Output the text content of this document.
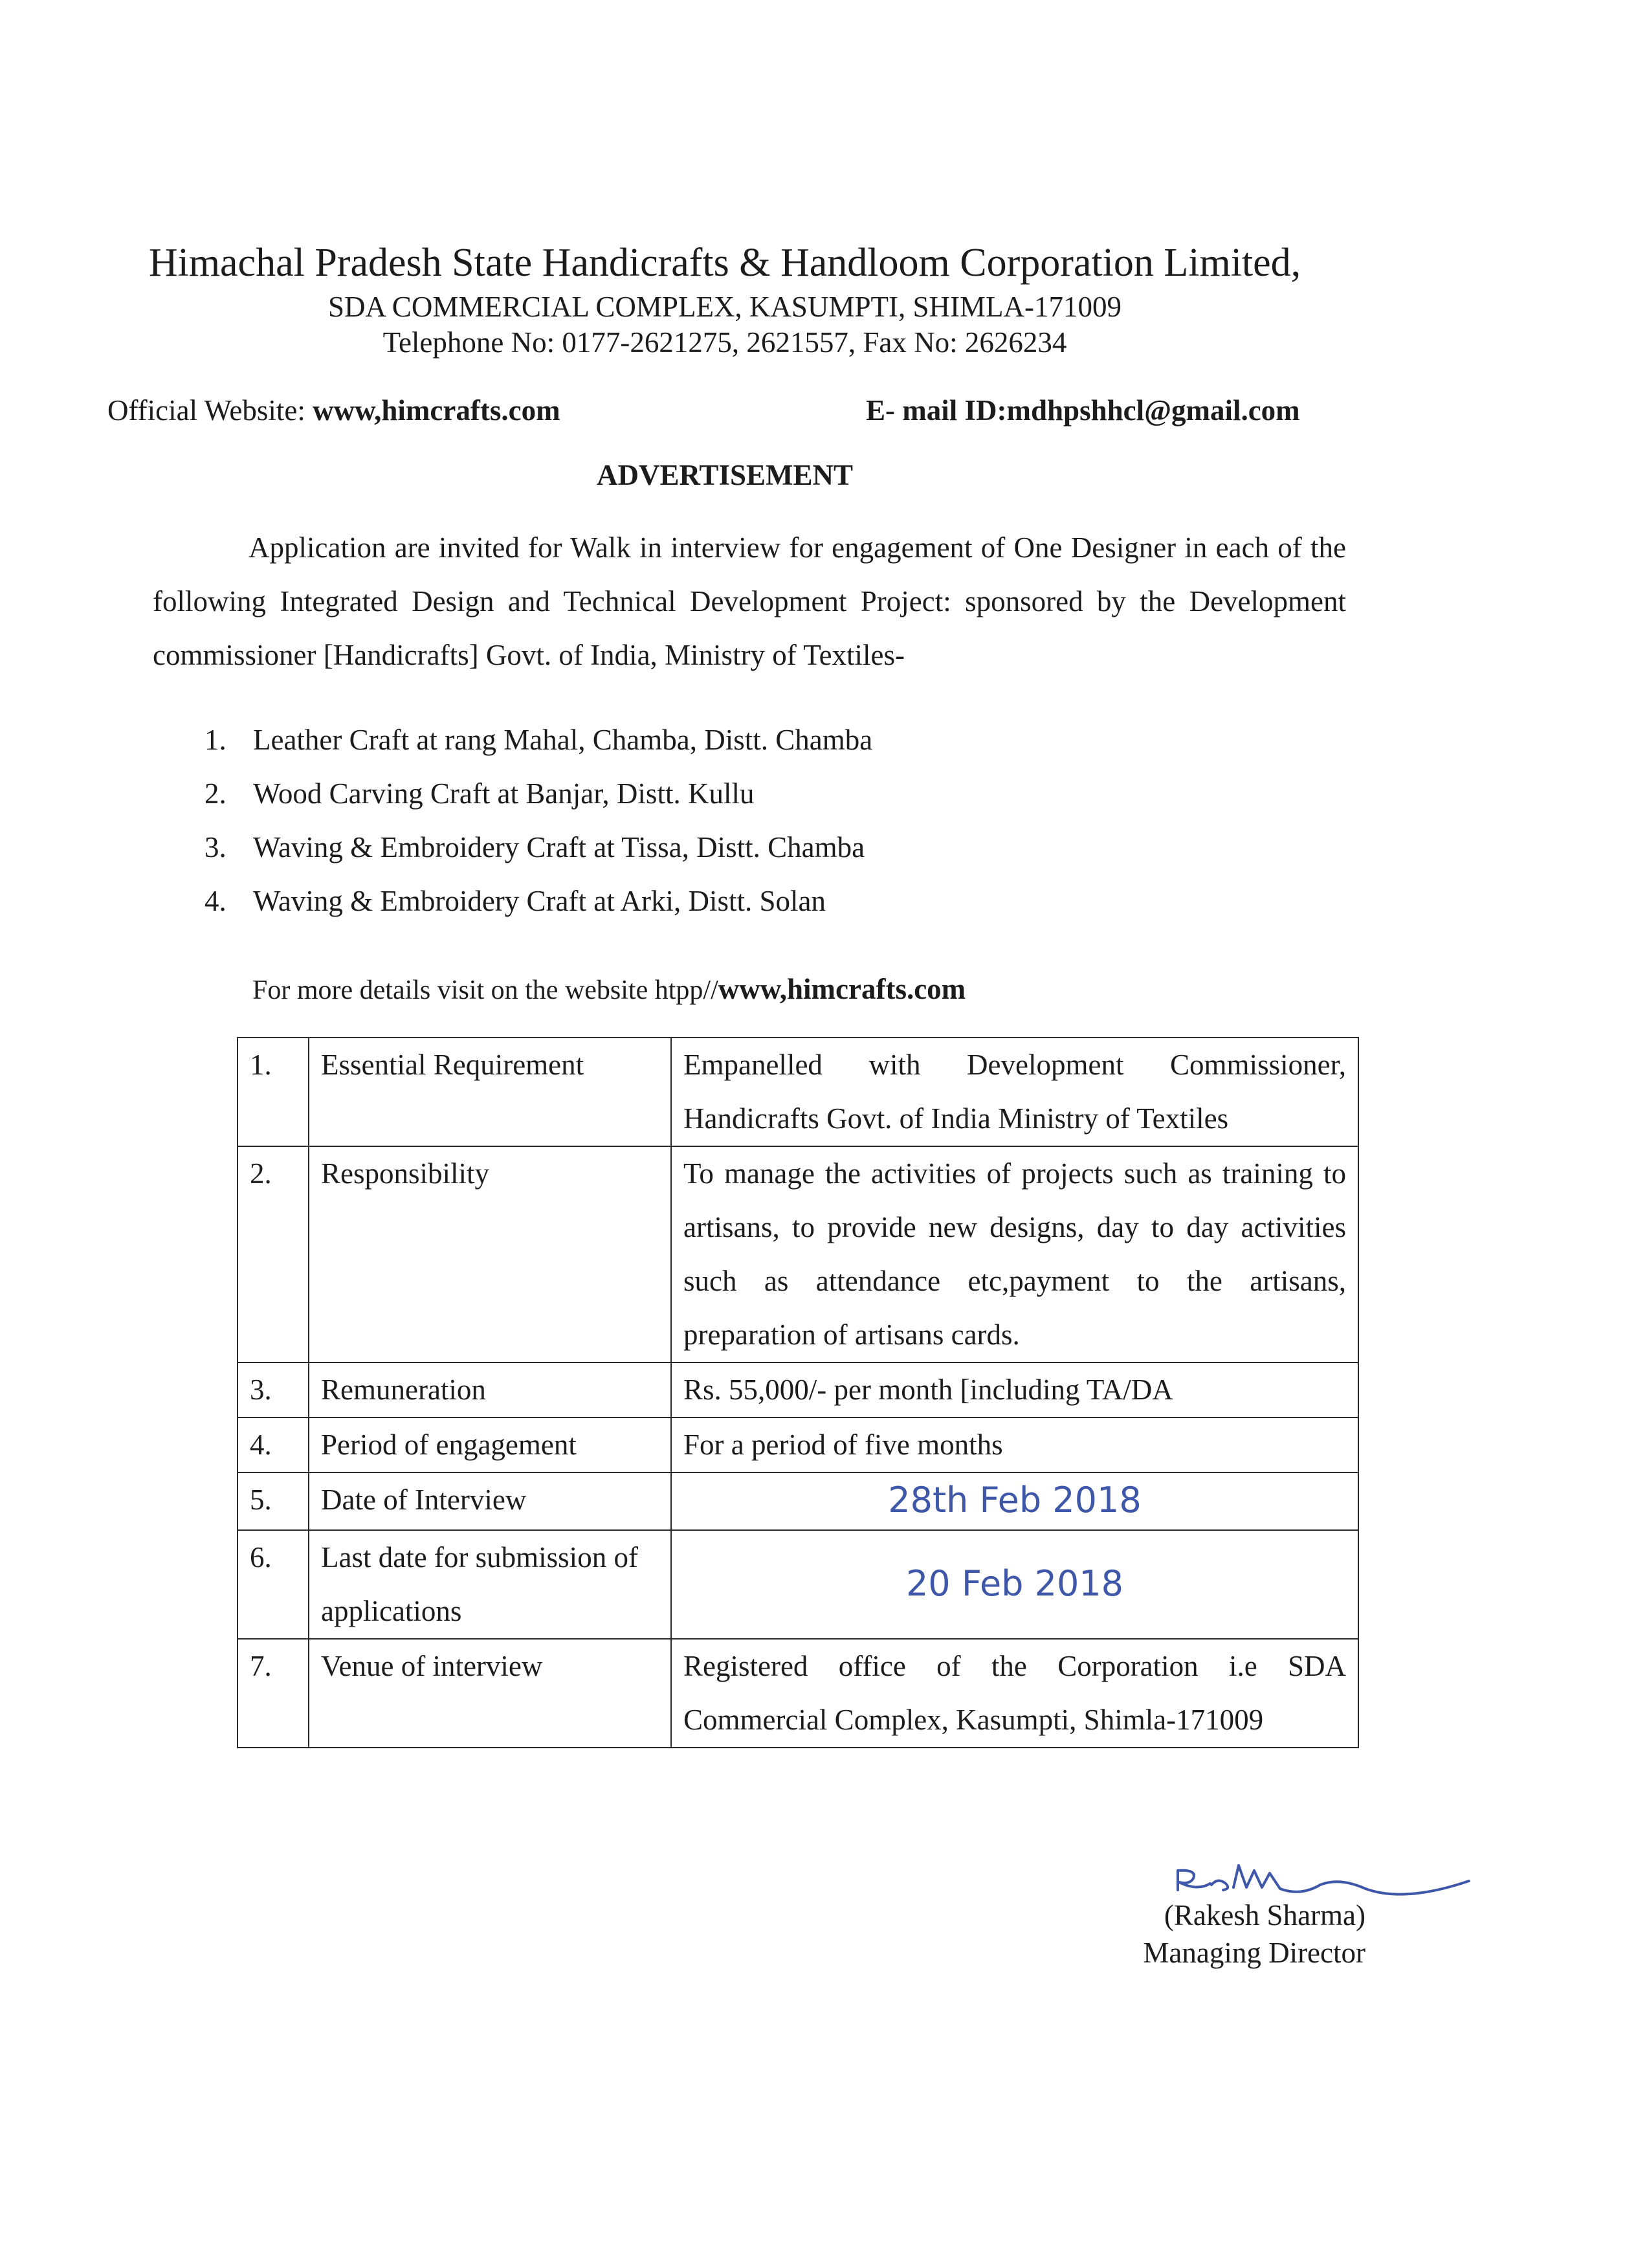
Himachal Pradesh State Handicrafts & Handloom Corporation Limited,
SDA COMMERCIAL COMPLEX, KASUMPTI, SHIMLA-171009
Telephone No: 0177-2621275, 2621557, Fax No: 2626234
Official Website: www,himcrafts.com	E- mail ID:mdhpshhcl@gmail.com
ADVERTISEMENT

Application are invited for Walk in interview for engagement of One Designer in each of the following Integrated Design and Technical Development Project: sponsored by the Development commissioner [Handicrafts] Govt. of India, Ministry of Textiles-

1. Leather Craft at rang Mahal, Chamba, Distt. Chamba
2. Wood Carving Craft at Banjar, Distt. Kullu
3. Waving & Embroidery Craft at Tissa, Distt. Chamba
4. Waving & Embroidery Craft at Arki, Distt. Solan
For more details visit on the website htpp//www,himcrafts.com
1.	Essential Requirement	Empanelled with Development Commissioner, Handicrafts Govt. of India Ministry of Textiles
2.	Responsibility	To manage the activities of projects such as training to artisans, to provide new designs, day to day activities such as attendance etc,payment to the artisans, preparation of artisans cards.
3.	Remuneration	Rs. 55,000/- per month [including TA/DA
4.	Period of engagement	For a period of five months
5.	Date of Interview	28th Feb 2018
6.	Last date for submission of applications	20 Feb 2018
7.	Venue of interview	Registered office of the Corporation i.e SDA Commercial Complex, Kasumpti, Shimla-171009
(Rakesh Sharma)
Managing Director
